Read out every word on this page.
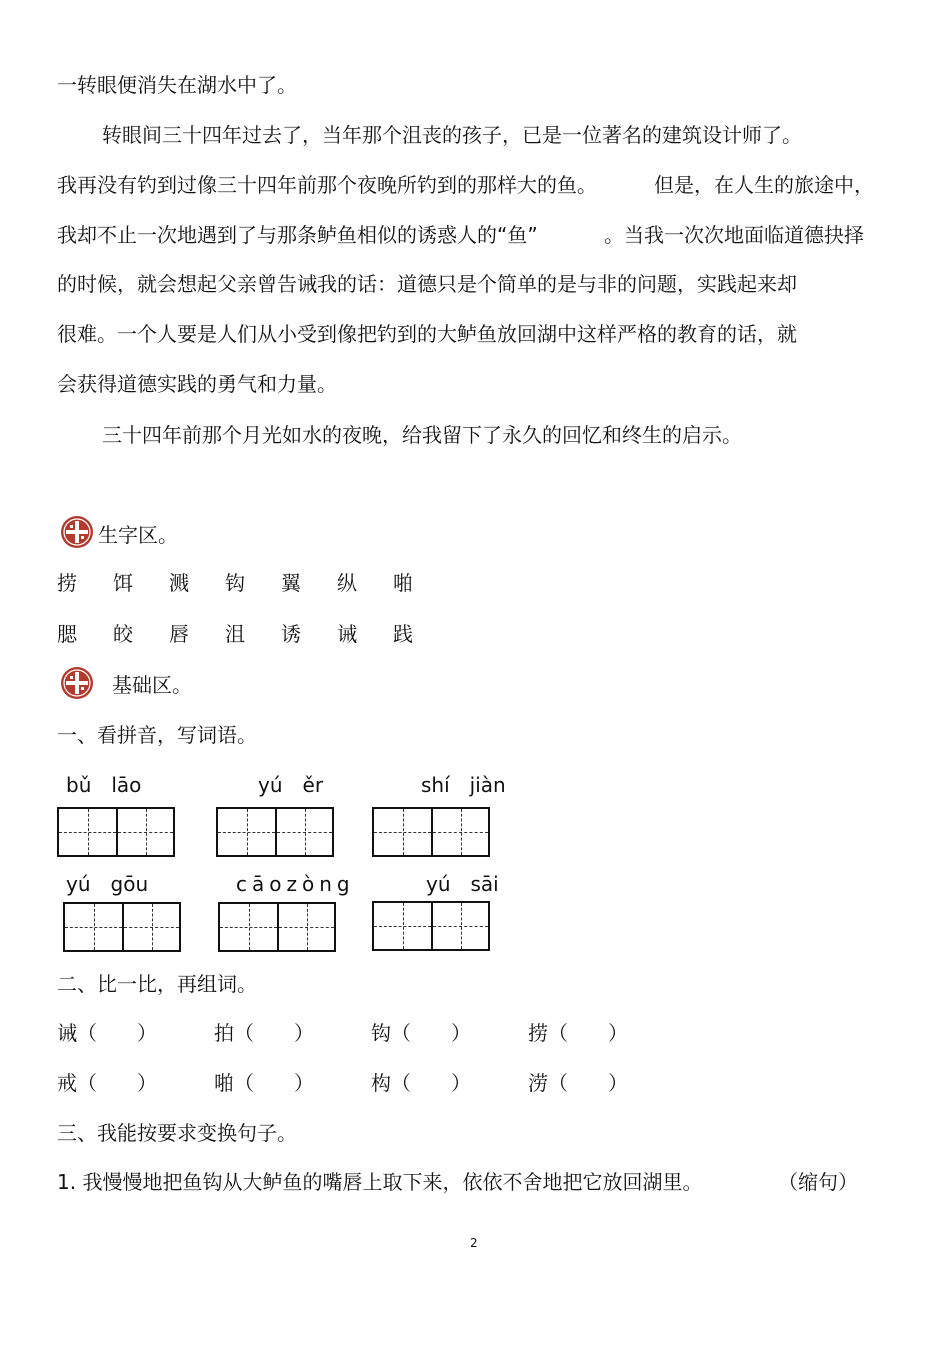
一转眼便消失在湖水中了。
转眼间三十四年过去了，当年那个沮丧的孩子，已是一位著名的建筑设计师了。
我再没有钓到过像三十四年前那个夜晚所钓到的那样大的鱼。	但是，在人生的旅途中，
我却不止一次地遇到了与那条鲈鱼相似的诱惑人的“鱼”	。当我一次次地面临道德抉择
的时候，就会想起父亲曾告诫我的话：道德只是个简单的是与非的问题，实践起来却
很难。一个人要是人们从小受到像把钓到的大鲈鱼放回湖中这样严格的教育的话，就
会获得道德实践的勇气和力量。
三十四年前那个月光如水的夜晚，给我留下了永久的回忆和终生的启示。
生字区。
捞 饵 溅 钩 翼 纵 啪
腮 皎 唇 沮 诱 诫 践
基础区。
一、看拼音，写词语。
bǔ　lāo	yú　ěr	shí　jiàn
yú　gōu	cāozòng	yú　sāi
二、比一比，再组词。
诫（　　）	拍（　　）	钩（　　）	捞（　　）
戒（　　）	啪（　　）	构（　　）	涝（　　）
三、我能按要求变换句子。
1. 我慢慢地把鱼钩从大鲈鱼的嘴唇上取下来，依依不舍地把它放回湖里。	（缩句）
2
